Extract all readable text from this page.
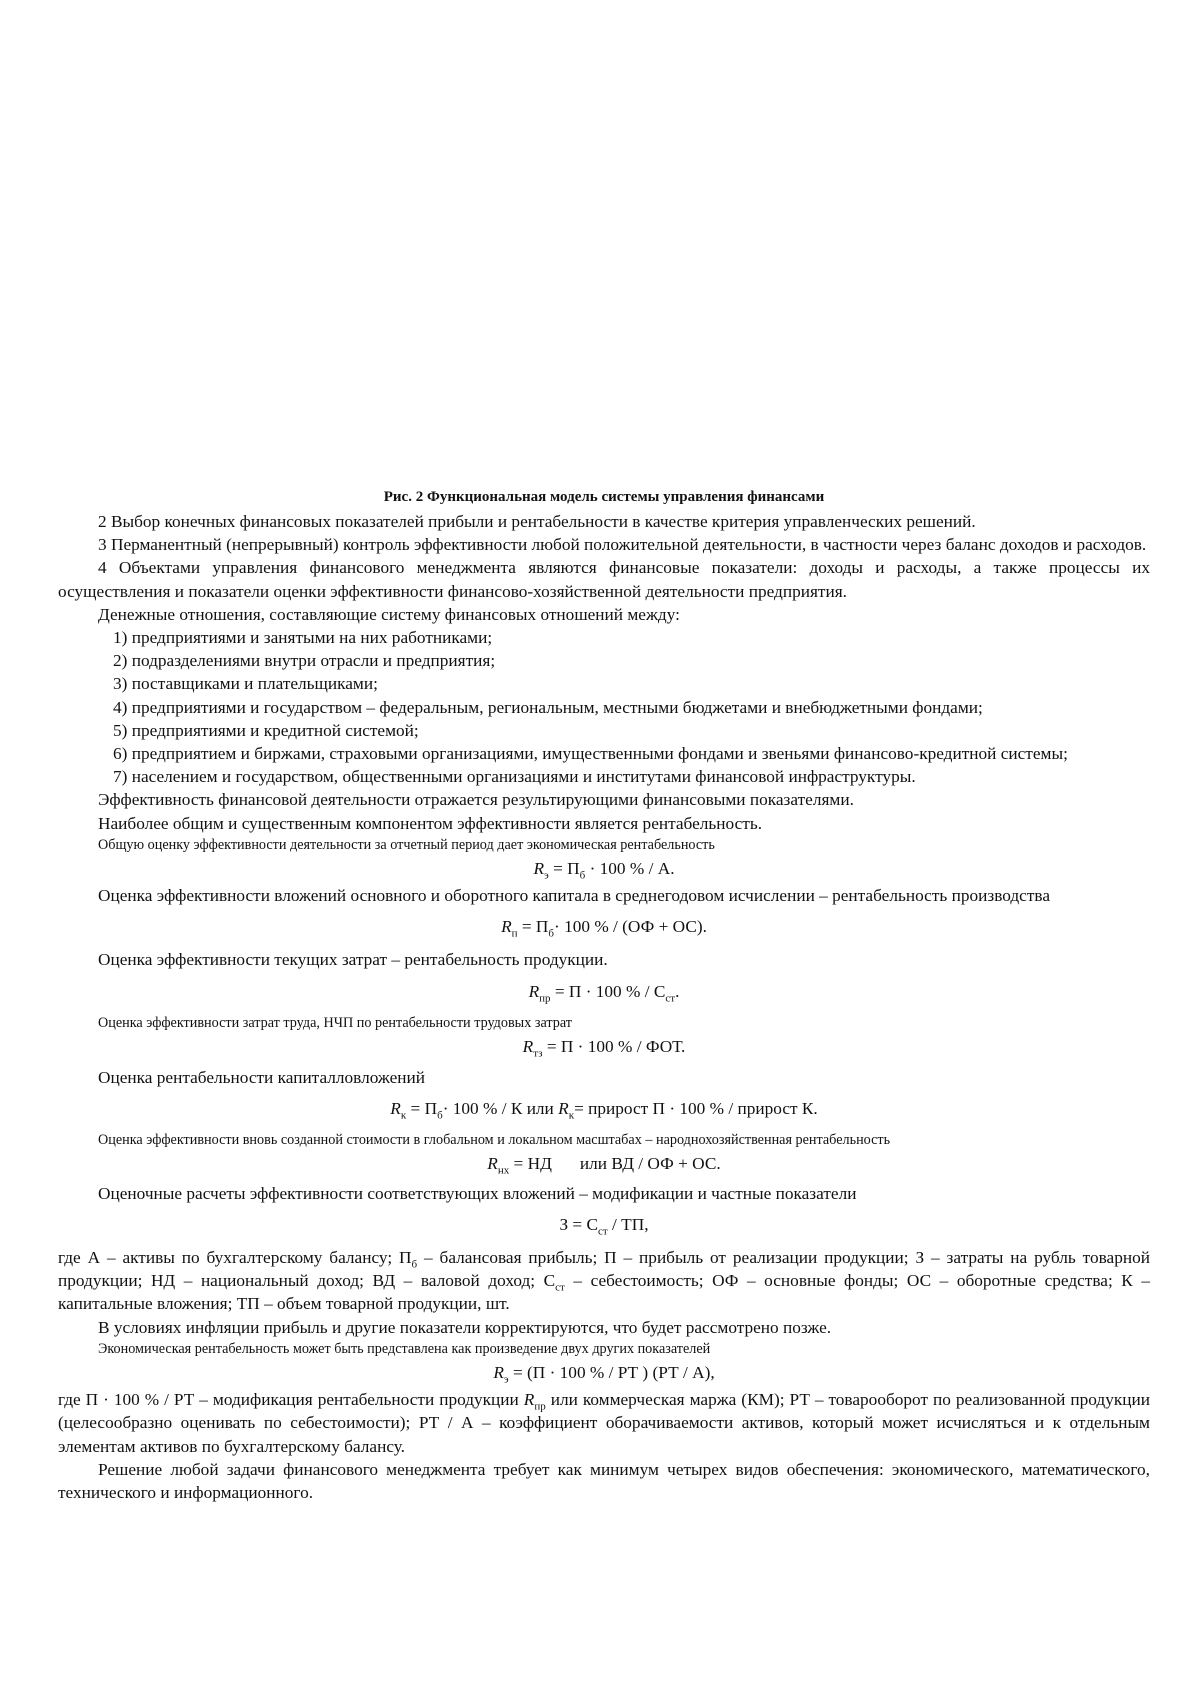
Рис. 2 Функциональная модель системы управления финансами

2 Выбор конечных финансовых показателей прибыли и рентабельности в качестве критерия управленческих решений.

3 Перманентный (непрерывный) контроль эффективности любой положительной деятельности, в частности через баланс доходов и расходов.

4 Объектами управления финансового менеджмента являются финансовые показатели: доходы и расходы, а также процессы их осуществления и показатели оценки эффективности финансово-хозяйственной деятельности предприятия.

Денежные отношения, составляющие систему финансовых отношений между:

1) предприятиями и занятыми на них работниками;

2) подразделениями внутри отрасли и предприятия;

3) поставщиками и плательщиками;

4) предприятиями и государством – федеральным, региональным, местными бюджетами и внебюджетными фондами;

5) предприятиями и кредитной системой;

6) предприятием и биржами, страховыми организациями, имущественными фондами и звеньями финансово-кредитной системы;

7) населением и государством, общественными организациями и институтами финансовой инфраструктуры.

Эффективность финансовой деятельности отражается результирующими финансовыми показателями.

Наиболее общим и существенным компонентом эффективности является рентабельность.

Общую оценку эффективности деятельности за отчетный период дает экономическая рентабельность

$R_э = П_б \cdot 100$ % / А.

Оценка эффективности вложений основного и оборотного капитала в среднегодовом исчислении – рентабельность производства

$R_п = П_б\cdot 100$ % / (ОФ + ОС).

Оценка эффективности текущих затрат – рентабельность продукции.

$R_{пр} = П \cdot 100$ % / $С_{ст}$.

Оценка эффективности затрат труда, НЧП по рентабельности трудовых затрат

$R_{тз} = П \cdot 100$ % / ФОТ.

Оценка рентабельности капиталловложений

$R_к = П_б\cdot 100$ % / К или $R_к=$ прирост П · 100 % / прирост К.

Оценка эффективности вновь созданной стоимости в глобальном и локальном масштабах – народнохозяйственная рентабельность

$R_{нх}$ = НД или ВД / ОФ + ОС.

Оценочные расчеты эффективности соответствующих вложений – модификации и частные показатели

$З = С_{ст}$ / ТП,

где А – активы по бухгалтерскому балансу; $П_б$ – балансовая прибыль; П – прибыль от реализации продукции; З – затраты на рубль товарной продукции; НД – национальный доход; ВД – валовой доход; $С_{ст}$ – себестоимость; ОФ – основные фонды; ОС – оборотные средства; К – капитальные вложения; ТП – объем товарной продукции, шт.

В условиях инфляции прибыль и другие показатели корректируются, что будет рассмотрено позже.

Экономическая рентабельность может быть представлена как произведение двух других показателей

$R_э = (П \cdot 100$ % / РТ ) (РТ / А),

где П · 100 % / РТ – модификация рентабельности продукции $R_{пр}$ или коммерческая маржа (КМ); РТ – товарооборот по реализованной продукции (целесообразно оценивать по себестоимости); РТ / А – коэффициент оборачиваемости активов, который может исчисляться и к отдельным элементам активов по бухгалтерскому балансу.

Решение любой задачи финансового менеджмента требует как минимум четырех видов обеспечения: экономического, математического, технического и информационного.
